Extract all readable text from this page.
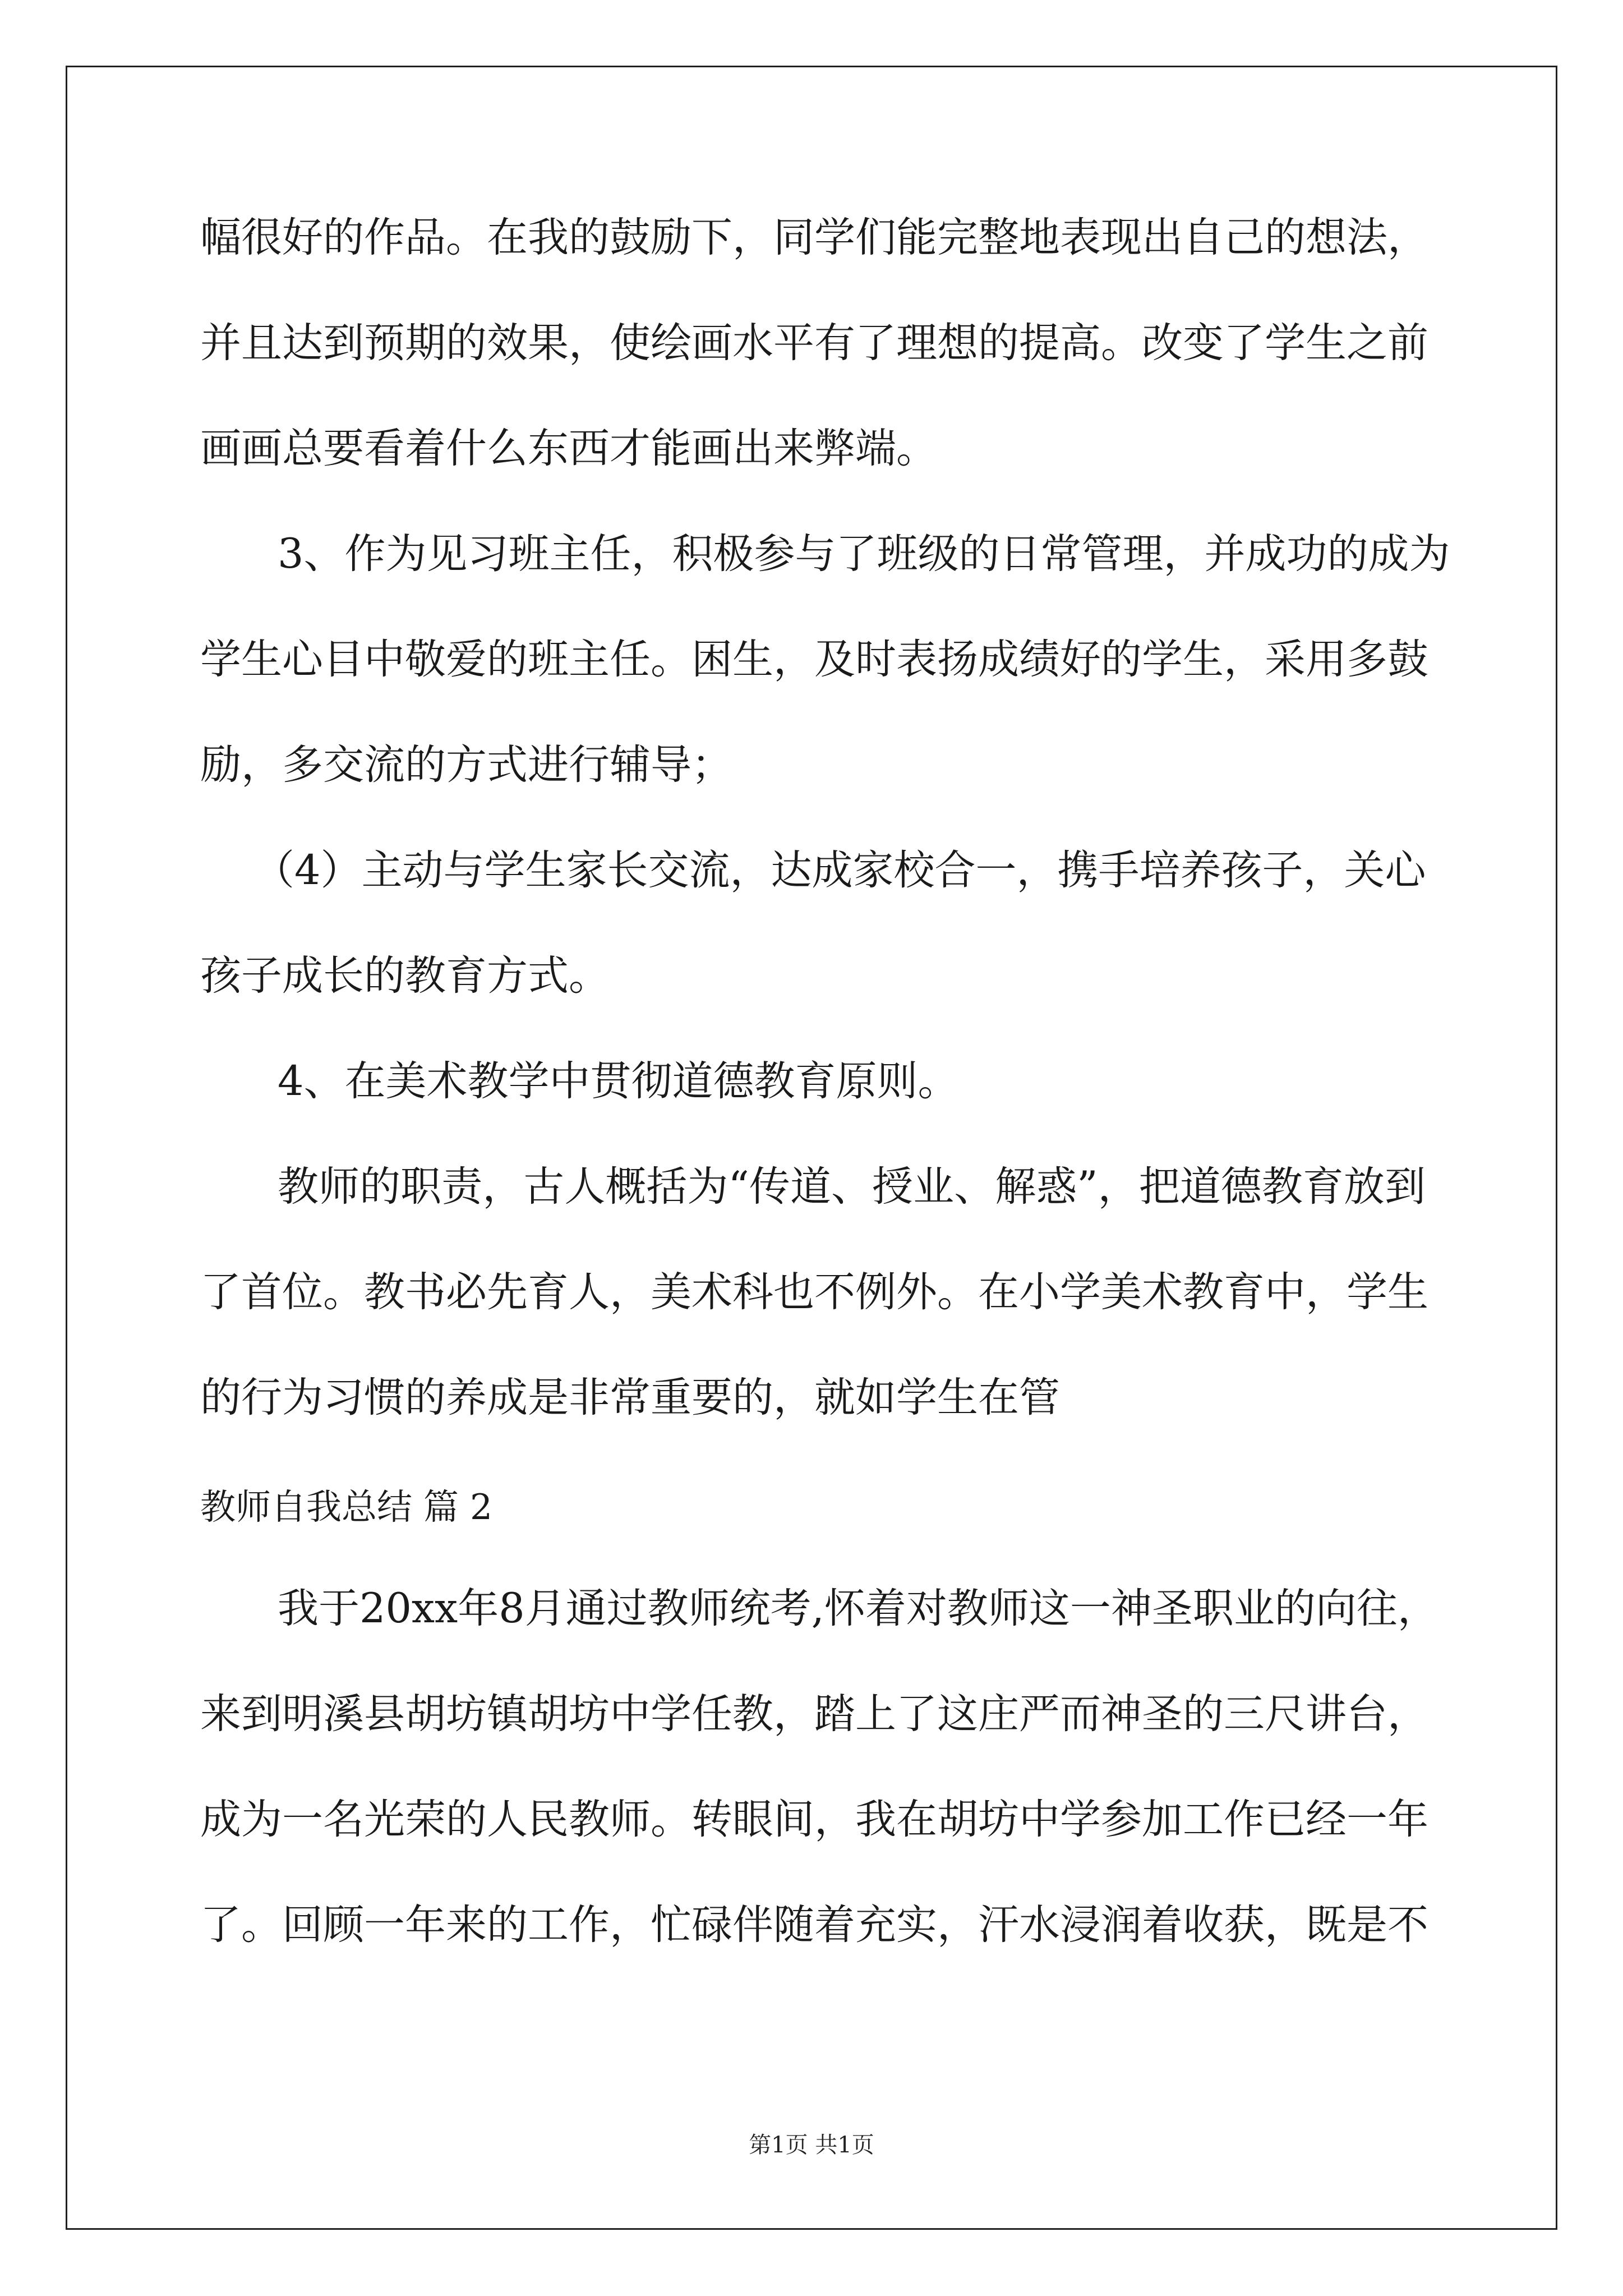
幅很好的作品。在我的鼓励下，同学们能完整地表现出自己的想法，
并且达到预期的效果，使绘画水平有了理想的提高。改变了学生之前
画画总要看着什么东西才能画出来弊端。
3、作为见习班主任，积极参与了班级的日常管理，并成功的成为
学生心目中敬爱的班主任。困生，及时表扬成绩好的学生，采用多鼓
励，多交流的方式进行辅导；
（4）主动与学生家长交流，达成家校合一，携手培养孩子，关心
孩子成长的教育方式。
4、在美术教学中贯彻道德教育原则。
教师的职责，古人概括为“传道、授业、解惑”，把道德教育放到
了首位。教书必先育人，美术科也不例外。在小学美术教育中，学生
的行为习惯的养成是非常重要的，就如学生在管
教师自我总结 篇 2
我于20xx年8月通过教师统考,怀着对教师这一神圣职业的向往，
来到明溪县胡坊镇胡坊中学任教，踏上了这庄严而神圣的三尺讲台，
成为一名光荣的人民教师。转眼间，我在胡坊中学参加工作已经一年
了。回顾一年来的工作，忙碌伴随着充实，汗水浸润着收获，既是不
第1页 共1页
